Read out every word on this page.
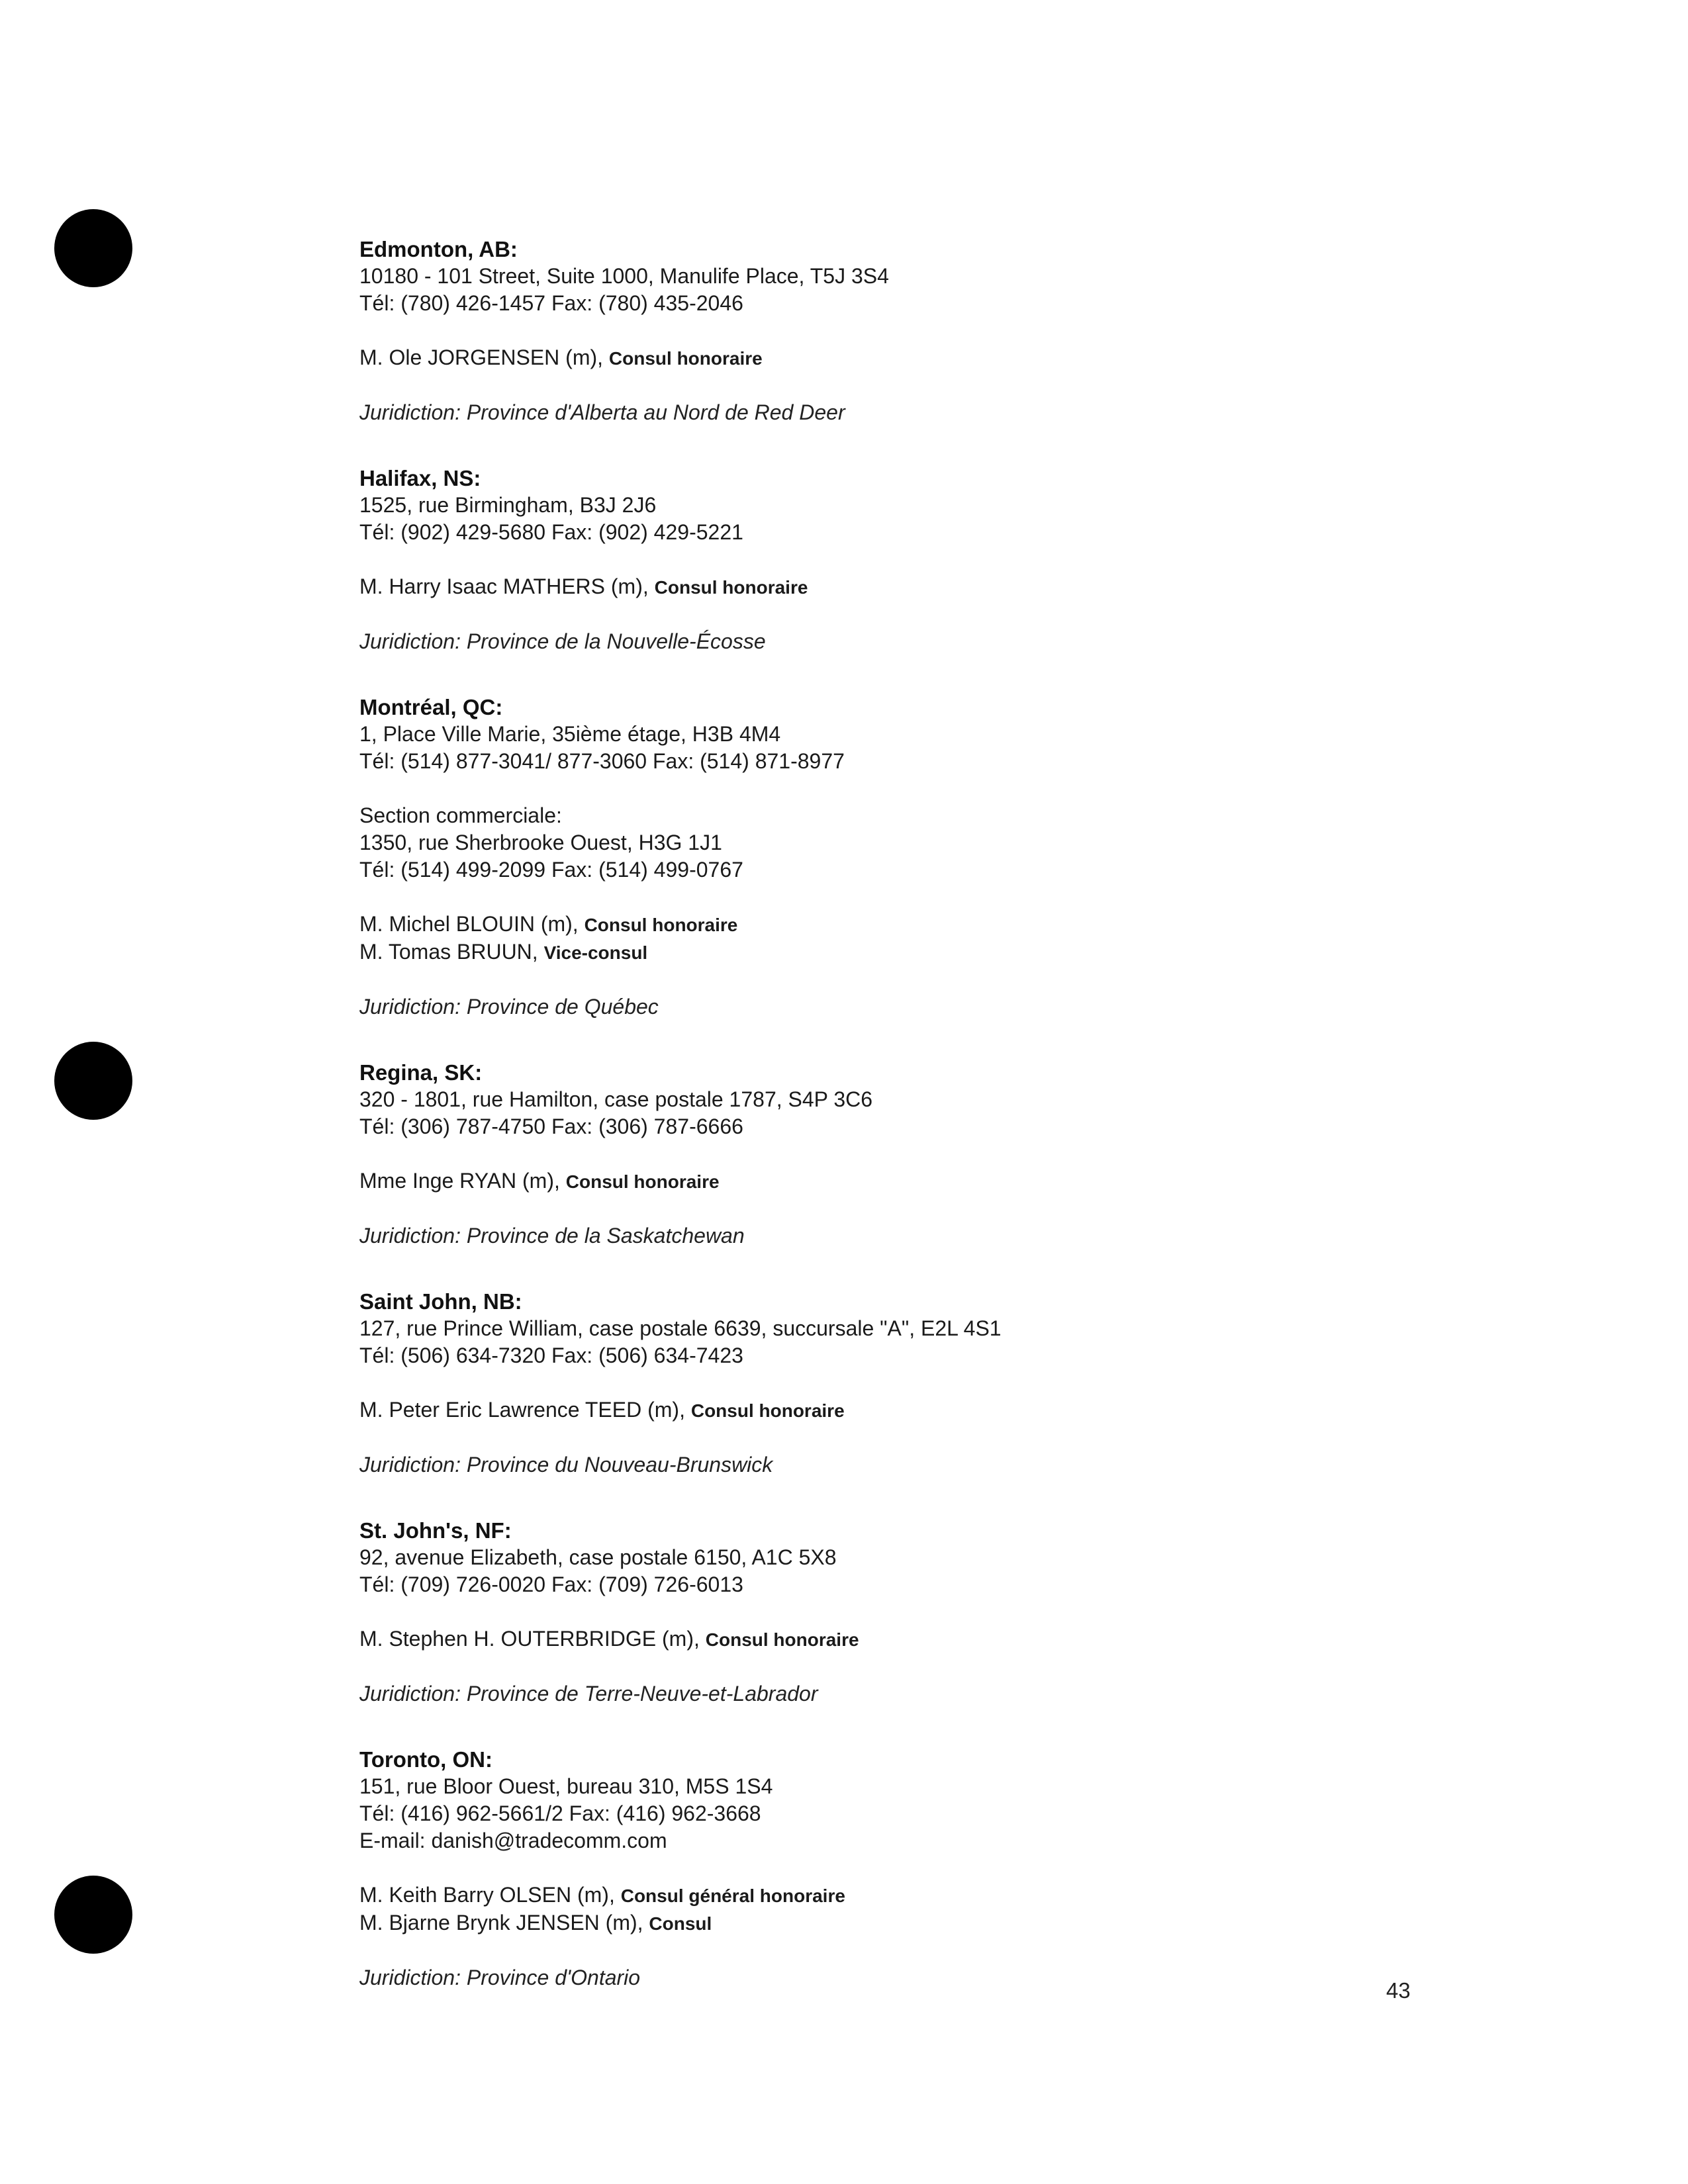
Edmonton, AB:
10180 - 101 Street, Suite 1000, Manulife Place, T5J 3S4
Tél: (780) 426-1457 Fax: (780) 435-2046
M. Ole JORGENSEN (m), Consul honoraire
Juridiction: Province d'Alberta au Nord de Red Deer
Halifax, NS:
1525, rue Birmingham, B3J 2J6
Tél: (902) 429-5680 Fax: (902) 429-5221
M. Harry Isaac MATHERS (m), Consul honoraire
Juridiction: Province de la Nouvelle-Écosse
Montréal, QC:
1, Place Ville Marie, 35ième étage, H3B 4M4
Tél: (514) 877-3041/ 877-3060 Fax: (514) 871-8977
Section commerciale:
1350, rue Sherbrooke Ouest, H3G 1J1
Tél: (514) 499-2099 Fax: (514) 499-0767
M. Michel BLOUIN (m), Consul honoraire
M. Tomas BRUUN, Vice-consul
Juridiction: Province de Québec
Regina, SK:
320 - 1801, rue Hamilton, case postale 1787, S4P 3C6
Tél: (306) 787-4750 Fax: (306) 787-6666
Mme Inge RYAN (m), Consul honoraire
Juridiction: Province de la Saskatchewan
Saint John, NB:
127, rue Prince William, case postale 6639, succursale "A", E2L 4S1
Tél: (506) 634-7320 Fax: (506) 634-7423
M. Peter Eric Lawrence TEED (m), Consul honoraire
Juridiction: Province du Nouveau-Brunswick
St. John's, NF:
92, avenue Elizabeth, case postale 6150, A1C 5X8
Tél: (709) 726-0020 Fax: (709) 726-6013
M. Stephen H. OUTERBRIDGE (m), Consul honoraire
Juridiction: Province de Terre-Neuve-et-Labrador
Toronto, ON:
151, rue Bloor Ouest, bureau 310, M5S 1S4
Tél: (416) 962-5661/2 Fax: (416) 962-3668
E-mail: danish@tradecomm.com
M. Keith Barry OLSEN (m), Consul général honoraire
M. Bjarne Brynk JENSEN (m), Consul
Juridiction: Province d'Ontario
43
